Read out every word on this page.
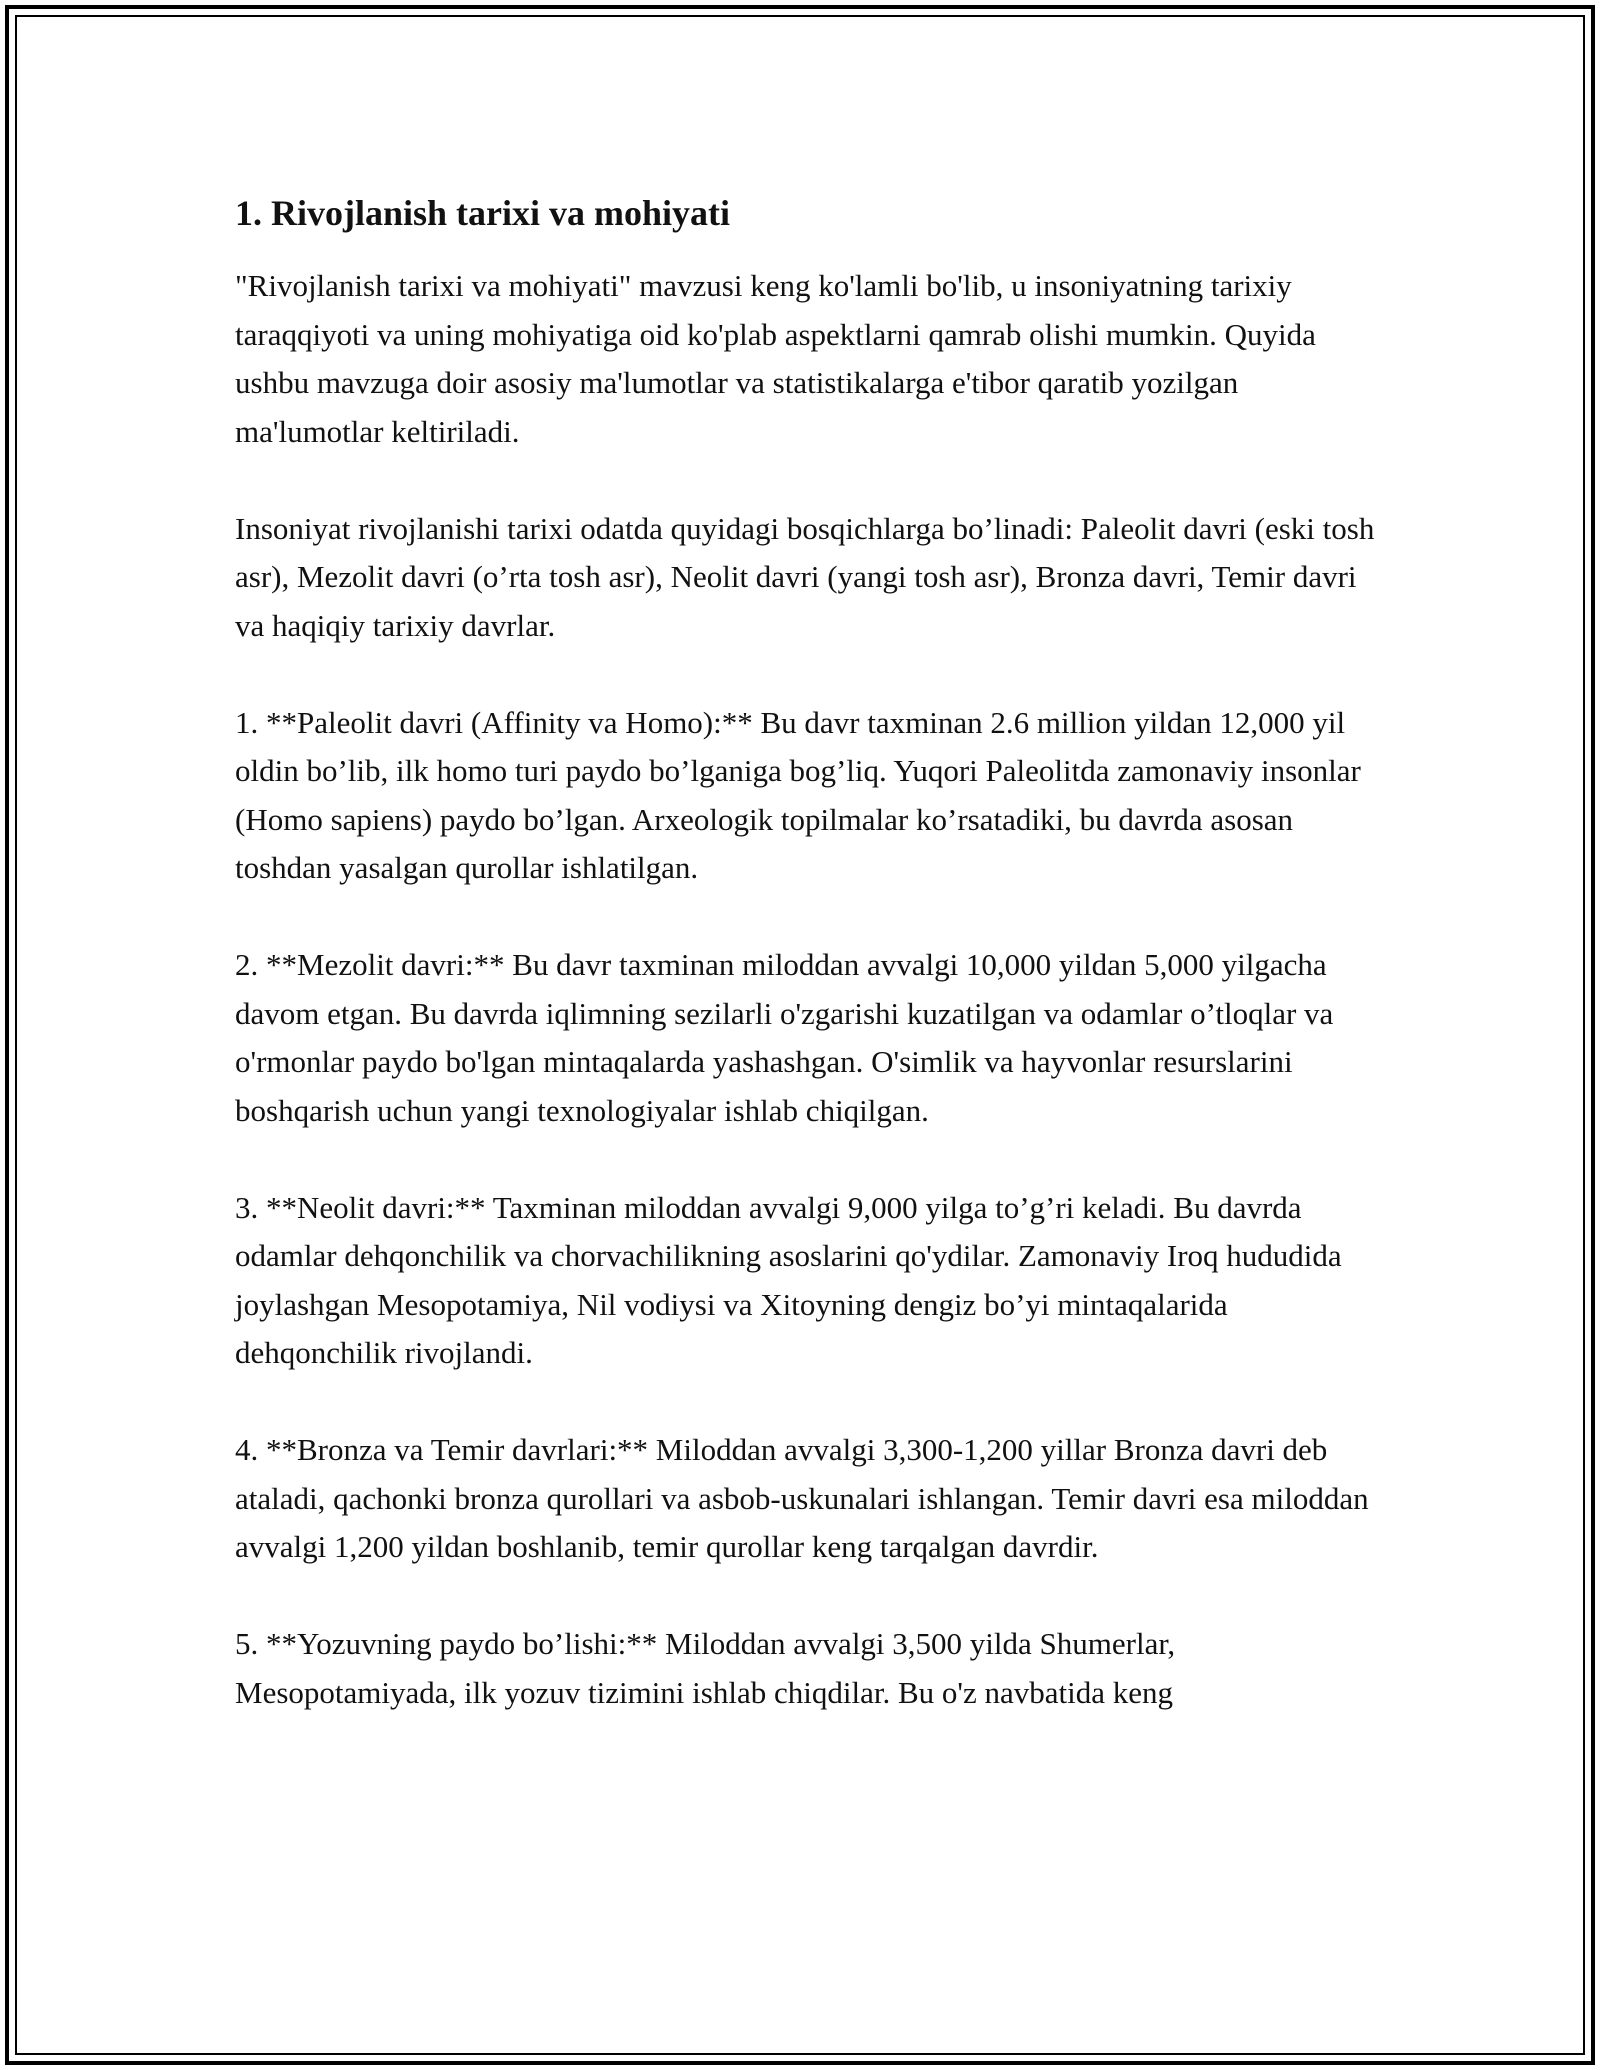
1. Rivojlanish tarixi va mohiyati

"Rivojlanish tarixi va mohiyati" mavzusi keng ko'lamli bo'lib, u insoniyatning tarixiy taraqqiyoti va uning mohiyatiga oid ko'plab aspektlarni qamrab olishi mumkin. Quyida ushbu mavzuga doir asosiy ma'lumotlar va statistikalarga e'tibor qaratib yozilgan ma'lumotlar keltiriladi.

Insoniyat rivojlanishi tarixi odatda quyidagi bosqichlarga bo’linadi: Paleolit davri (eski tosh asr), Mezolit davri (o’rta tosh asr), Neolit davri (yangi tosh asr), Bronza davri, Temir davri va haqiqiy tarixiy davrlar.

1. **Paleolit davri (Affinity va Homo):** Bu davr taxminan 2.6 million yildan 12,000 yil oldin bo’lib, ilk homo turi paydo bo’lganiga bog’liq. Yuqori Paleolitda zamonaviy insonlar (Homo sapiens) paydo bo’lgan. Arxeologik topilmalar ko’rsatadiki, bu davrda asosan toshdan yasalgan qurollar ishlatilgan.

2. **Mezolit davri:** Bu davr taxminan miloddan avvalgi 10,000 yildan 5,000 yilgacha davom etgan. Bu davrda iqlimning sezilarli o'zgarishi kuzatilgan va odamlar o’tloqlar va o'rmonlar paydo bo'lgan mintaqalarda yashashgan. O'simlik va hayvonlar resurslarini boshqarish uchun yangi texnologiyalar ishlab chiqilgan.

3. **Neolit davri:** Taxminan miloddan avvalgi 9,000 yilga to’g’ri keladi. Bu davrda odamlar dehqonchilik va chorvachilikning asoslarini qo'ydilar. Zamonaviy Iroq hududida joylashgan Mesopotamiya, Nil vodiysi va Xitoyning dengiz bo’yi mintaqalarida dehqonchilik rivojlandi.

4. **Bronza va Temir davrlari:** Miloddan avvalgi 3,300-1,200 yillar Bronza davri deb ataladi, qachonki bronza qurollari va asbob-uskunalari ishlangan. Temir davri esa miloddan avvalgi 1,200 yildan boshlanib, temir qurollar keng tarqalgan davrdir.

5. **Yozuvning paydo bo’lishi:** Miloddan avvalgi 3,500 yilda Shumerlar, Mesopotamiyada, ilk yozuv tizimini ishlab chiqdilar. Bu o'z navbatida keng
